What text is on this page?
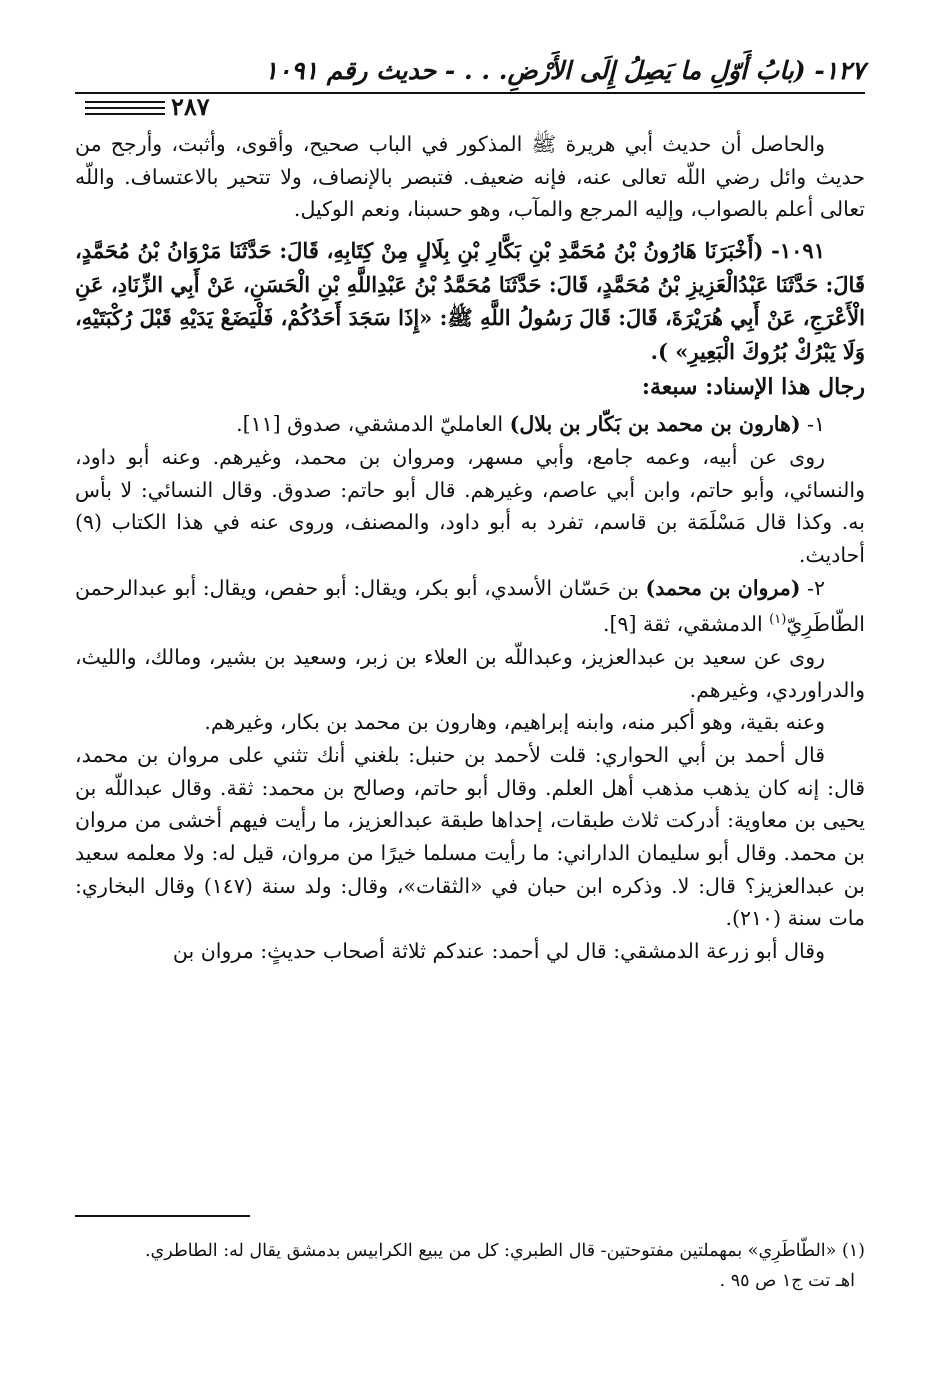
١٢٧- (بابُ أَوّلِ ما يَصِلُ إِلَى الأَرْضِ. . . - حديث رقم ١٠٩١
٢٨٧

والحاصل أن حديث أبي هريرة ﷺ المذكور في الباب صحيح، وأقوى، وأثبت، وأرجح من حديث وائل رضي اللّه تعالى عنه، فإنه ضعيف. فتبصر بالإنصاف، ولا تتحير بالاعتساف. واللّه تعالى أعلم بالصواب، وإليه المرجع والمآب، وهو حسبنا، ونعم الوكيل.

١٠٩١- (أَخْبَرَنَا هَارُونُ بْنُ مُحَمَّدِ بْنِ بَكَّارِ بْنِ بِلَالٍ مِنْ كِتَابِهِ، قَالَ: حَدَّثَنَا مَرْوَانُ بْنُ مُحَمَّدٍ، قَالَ: حَدَّثَنَا عَبْدُالْعَزِيزِ بْنُ مُحَمَّدٍ، قَالَ: حَدَّثَنَا مُحَمَّدُ بْنُ عَبْدِاللَّهِ بْنِ الْحَسَنِ، عَنْ أَبِي الزِّنَادِ، عَنِ الْأَعْرَجِ، عَنْ أَبِي هُرَيْرَةَ، قَالَ: قَالَ رَسُولُ اللَّهِ ﷺ: «إِذَا سَجَدَ أَحَدُكُمْ، فَلْيَضَعْ يَدَيْهِ قَبْلَ رُكْبَتَيْهِ، وَلَا يَبْرُكْ بُرُوكَ الْبَعِيرِ» ).

رجال هذا الإسناد: سبعة:

١- (هارون بن محمد بن بَكّار بن بلال) العامليّ الدمشقي، صدوق [١١].

روى عن أبيه، وعمه جامع، وأبي مسهر، ومروان بن محمد، وغيرهم. وعنه أبو داود، والنسائي، وأبو حاتم، وابن أبي عاصم، وغيرهم. قال أبو حاتم: صدوق. وقال النسائي: لا بأس به. وكذا قال مَسْلَمَة بن قاسم، تفرد به أبو داود، والمصنف، وروى عنه في هذا الكتاب (٩) أحاديث.

٢- (مروان بن محمد) بن حَسّان الأسدي، أبو بكر، ويقال: أبو حفص، ويقال: أبو عبدالرحمن الطّاطَرِيّ$^{(١)}$ الدمشقي، ثقة [٩].

روى عن سعيد بن عبدالعزيز، وعبداللّه بن العلاء بن زبر، وسعيد بن بشير، ومالك، والليث، والدراوردي، وغيرهم.

وعنه بقية، وهو أكبر منه، وابنه إبراهيم، وهارون بن محمد بن بكار، وغيرهم.

قال أحمد بن أبي الحواري: قلت لأحمد بن حنبل: بلغني أنك تثني على مروان بن محمد، قال: إنه كان يذهب مذهب أهل العلم. وقال أبو حاتم، وصالح بن محمد: ثقة. وقال عبداللّه بن يحيى بن معاوية: أدركت ثلاث طبقات، إحداها طبقة عبدالعزيز، ما رأيت فيهم أخشى من مروان بن محمد. وقال أبو سليمان الداراني: ما رأيت مسلما خيرًا من مروان، قيل له: ولا معلمه سعيد بن عبدالعزيز؟ قال: لا. وذكره ابن حبان في «الثقات»، وقال: ولد سنة (١٤٧) وقال البخاري: مات سنة (٢١٠).

وقال أبو زرعة الدمشقي: قال لي أحمد: عندكم ثلاثة أصحاب حديثٍ: مروان بن

(١) «الطّاطَرِي» بمهملتين مفتوحتين- قال الطبري: كل من يبيع الكرابيس بدمشق يقال له: الطاطري.
اهـ تت ج١ ص ٩٥ .
